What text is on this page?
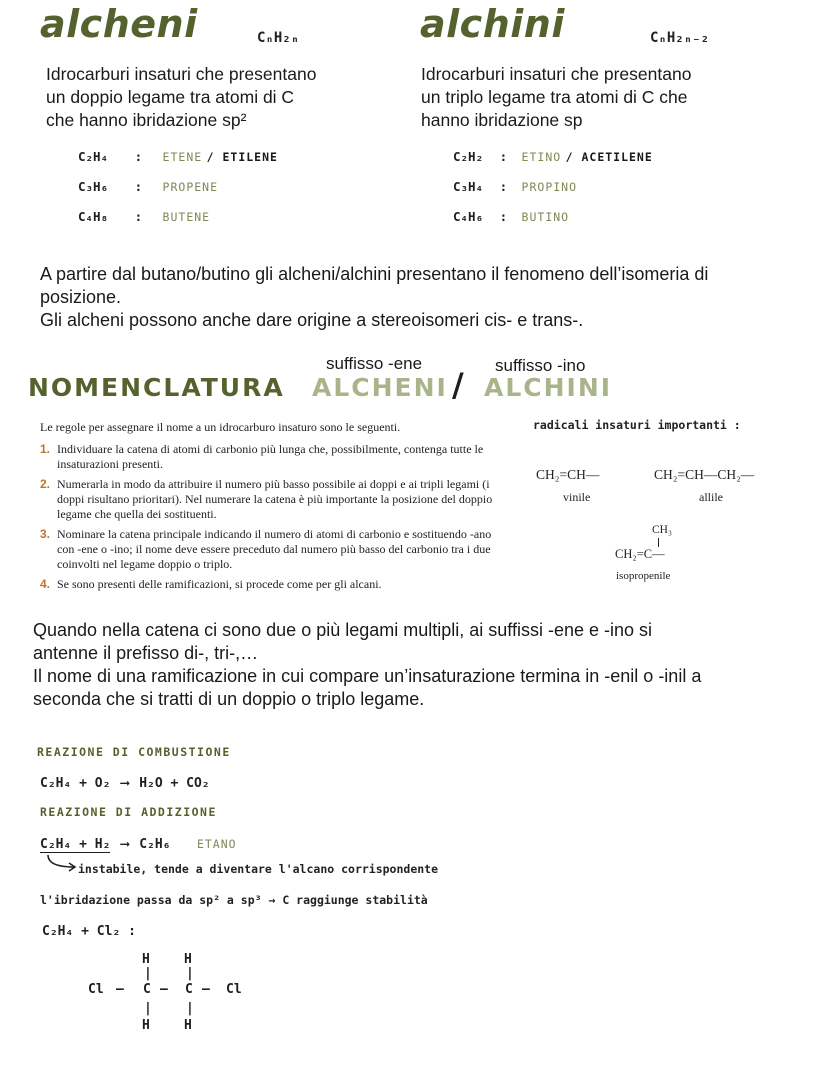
alcheni	CₙH₂ₙ	alchini	CₙH₂ₙ₋₂
Idrocarburi insaturi che presentano
un doppio legame tra atomi di C
che hanno ibridazione sp²
Idrocarburi insaturi che presentano
un triplo legame tra atomi di C che
hanno ibridazione sp
C₂H₄ : ETENE / ETILENE
C₃H₆ : PROPENE
C₄H₈ : BUTENE
C₂H₂ : ETINO / ACETILENE
C₃H₄ : PROPINO
C₄H₆ : BUTINO
A partire dal butano/butino gli alcheni/alchini presentano il fenomeno dell’isomeria di
posizione.
Gli alcheni possono anche dare origine a stereoisomeri cis- e trans-.
suffisso -ene	suffisso -ino
NOMENCLATURA ALCHENI / ALCHINI
Le regole per assegnare il nome a un idrocarburo insaturo sono le seguenti.
1. Individuare la catena di atomi di carbonio più lunga che, possibilmente, contenga tutte le insaturazioni presenti.
2. Numerarla in modo da attribuire il numero più basso possibile ai doppi e ai tripli legami (i doppi risultano prioritari). Nel numerare la catena è più importante la posizione del doppio legame che quella dei sostituenti.
3. Nominare la catena principale indicando il numero di atomi di carbonio e sostituendo -ano con -ene o -ino; il nome deve essere preceduto dal numero più basso del carbonio tra i due coinvolti nel legame doppio o triplo.
4. Se sono presenti delle ramificazioni, si procede come per gli alcani.
radicali insaturi importanti :
CH₂=CH—
vinile
CH₂=CH—CH₂—
allile
CH₃
CH₂=C—
isopropenile
Quando nella catena ci sono due o più legami multipli, ai suffissi -ene e -ino si
antenne il prefisso di-, tri-,…
Il nome di una ramificazione in cui compare un’insaturazione termina in -enil o -inil a
seconda che si tratti di un doppio o triplo legame.
REAZIONE DI COMBUSTIONE
C₂H₄ + O₂ ⟶ H₂O + CO₂
REAZIONE DI ADDIZIONE
C₂H₄ + H₂ ⟶ C₂H₆ ETANO
instabile, tende a diventare l'alcano corrispondente
l'ibridazione passa da sp² a sp³ → C raggiunge stabilità
C₂H₄ + Cl₂ :
H	H
|	|
Cl — C — C — Cl
|	|
H	H
